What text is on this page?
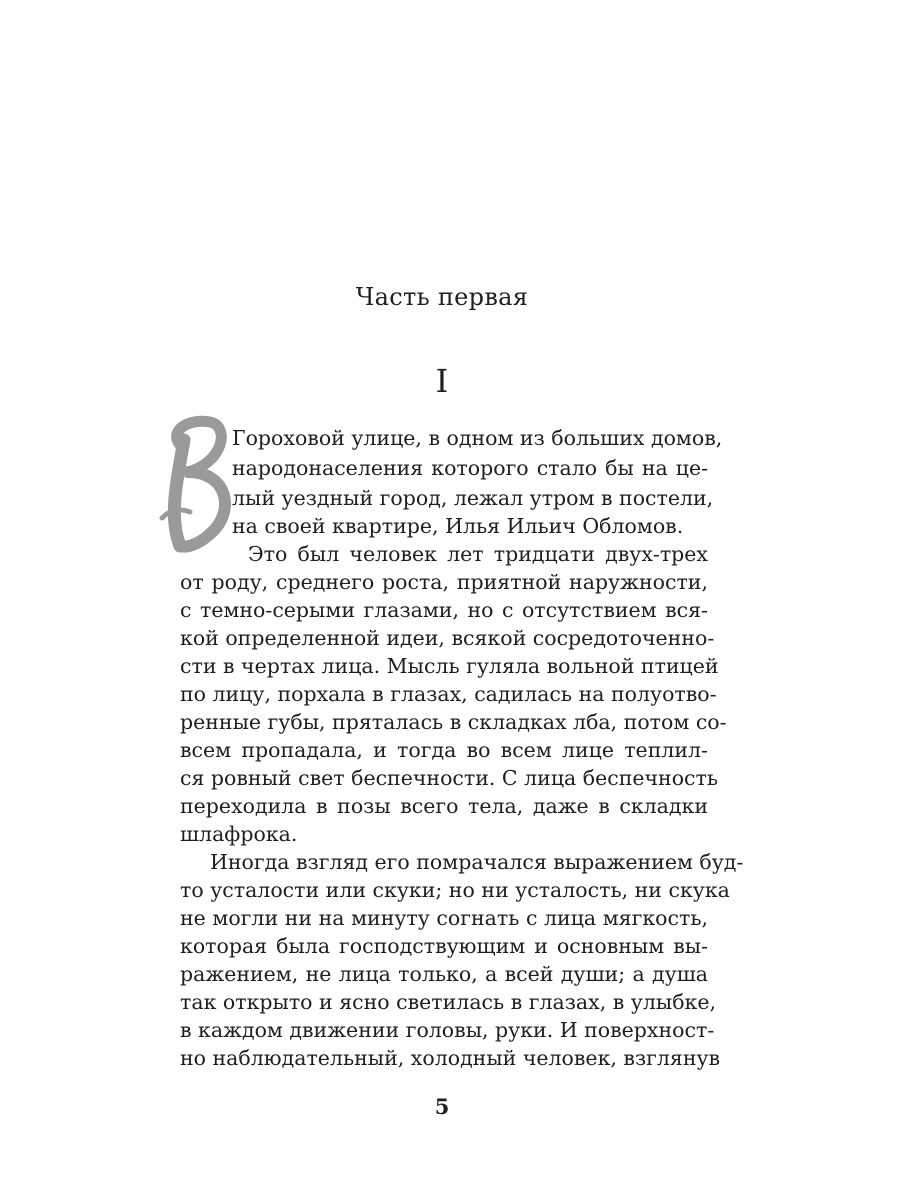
Часть первая
I
Гороховой улице, в одном из больших домов,
народонаселения которого стало бы на це-
лый уездный город, лежал утром в постели,
на своей квартире, Илья Ильич Обломов.
Это был человек лет тридцати двух-трех
от роду, среднего роста, приятной наружности,
с темно-серыми глазами, но с отсутствием вся-
кой определенной идеи, всякой сосредоточенно-
сти в чертах лица. Мысль гуляла вольной птицей
по лицу, порхала в глазах, садилась на полуотво-
ренные губы, пряталась в складках лба, потом со-
всем пропадала, и тогда во всем лице теплил-
ся ровный свет беспечности. С лица беспечность
переходила в позы всего тела, даже в складки
шлафрока.
Иногда взгляд его помрачался выражением буд-
то усталости или скуки; но ни усталость, ни скука
не могли ни на минуту согнать с лица мягкость,
которая была господствующим и основным вы-
ражением, не лица только, а всей души; а душа
так открыто и ясно светилась в глазах, в улыбке,
в каждом движении головы, руки. И поверхност-
но наблюдательный, холодный человек, взглянув
5
